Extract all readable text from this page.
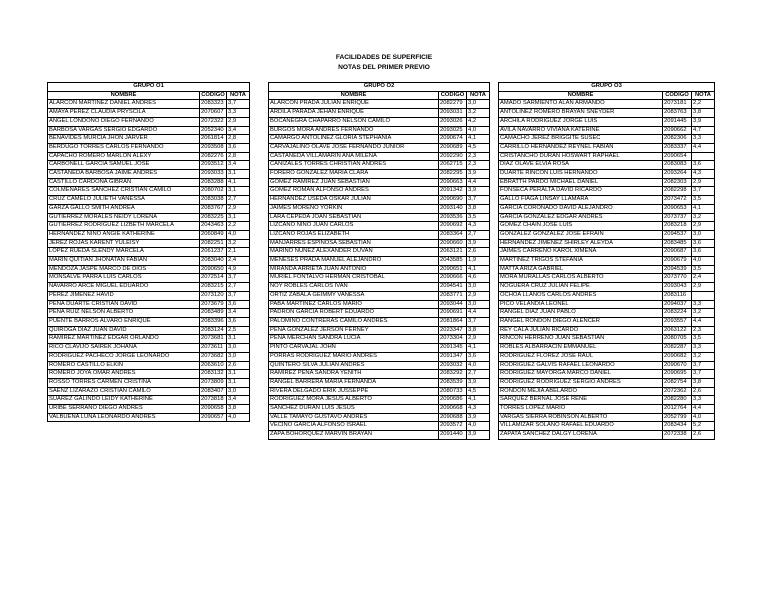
FACILIDADES DE SUPERFICIE
NOTAS DEL PRIMER PREVIO
GRUPO O1		
NOMBRE	CODIGO	NOTA
ALARCON MARTINEZ DANIEL ANDRES	2083323	3,7
AMAYA PEREZ CLAUDIA PRYSCILA	2070607	3,3
ANGEL LONDOÑO DIEGO FERNANDO	2072322	2,9
BARBOSA VARGAS SERGIO EDGARDO	2052340	3,4
BENAVIDES MURCIA JHON JARVER	2061814	2,8
BERDUGO TORRES CARLOS FERNANDO	2093508	3,6
CAPACHO ROMERO MARLON ALEXY	2082276	2,8
CARBONELL GARCIA SAMUEL JOSE	2093512	3,4
CASTANEDA BARBOSA JAIME ANDRES	2093033	3,1
CASTILLO CARDONA GIBRAN	2083288	4,1
COLMENARES SANCHEZ CRISTIAN CAMILO	2080702	3,1
CRUZ CAMELO JULIETH VANESSA	2083038	2,7
GARZA GALLO SMITH ANDREA	2083767	2,9
GUTIERREZ MORALES NEIDY LORENA	2083225	3,1
GUTIERREZ RODRIGUEZ LIZBETH MARCELA	2043463	2,2
HERNANDEZ NIÑO ANGIE KATHERINE	2060849	4,0
JEREZ ROJAS KARENT YULEISY	2082251	3,2
LOPEZ RUEDA SLENDY MARCELA	2061237	2,1
MARIN QUITIAN JHONATAN FABIAN	2083040	2,4
MENDOZA JASPE MARCO DE DIOS	2090650	4,9
MONSALVE PARRA LUIS CARLOS	2072514	3,7
NAVARRO ARCE MIGUEL EDUARDO	2083215	2,7
PEREZ JIMENEZ HAVID	2073120	3,7
PEÑA DUARTE CRISTIAN DAVID	2073679	3,6
PEÑA RUIZ NELSON ALBERTO	2083489	3,4
PUENTE BARROS ALVARO ENRIQUE	2083396	3,6
QUIROGA DIAZ JUAN DAVID	2083124	2,5
RAMIREZ MARTINEZ EDGAR ORLANDO	2073681	3,1
RICO CLAVIJO SAIREK JOHANA	2073611	3,0
RODRIGUEZ PACHECO JORGE LEONARDO	2073682	3,0
ROMERO CASTILLO ELKIN	2063610	2,6
ROMERO JOYA OMAR ANDRES	2083132	3,1
ROSSO TORRES CARMEN CRISTINA	2073809	3,1
SAENZ LIZARAZO CRISTIAN CAMILO	2083407	3,0
SUAREZ GALINDO LEIDY KATHERINE	2073818	3,4
URIBE SERRANO DIEGO ANDRES	2090658	3,8
VALBUENA LUNA LEONARDO ANDRES	2090657	4,0
GRUPO O2		
NOMBRE	CODIGO	NOTA
ALARCON PRADA JULIAN ENRIQUE	2082279	3,0
ARDILA PARADA JEHAN ENRIQUE	2093031	3,2
BOCANEGRA CHAPARRO NELSON CAMILO	2093026	4,2
BURGOS MORA ANDRES FERNANDO	2093025	4,0
CAMARGO ANTOLINEZ GLORIA STEPHANIA	2090674	4,1
CARVAJALINO OLAVE JOSE FERNANDO JUNIOR	2090689	4,5
CASTAÑEDA VILLAMARIN ANA MILENA	2092290	2,3
CAÑIZALES TORRES CHRISTIAN ANDRES	2062715	2,3
FORERO GONZALEZ MARIA CLARA	2082295	3,9
GOMEZ RAMIREZ JUAN SEBASTIAN	2090663	4,4
GOMEZ ROMAN ALFONSO ANDRES	2091342	3,9
HERNANDEZ USEDA OSKAR JULIAN	2090690	3,7
JAIMES MORENO YORKIN	2093140	3,8
LARA CEPEDA JOAN SEBASTIAN	2093536	3,5
LIZCANO NIÑO JUAN CARLOS	2090692	4,3
LIZCANO ROJAS ELIZABETH	2083364	2,7
MANJARRES ESPINOSA SEBASTIAN	2090660	3,9
MARIÑO NUÑEZ ALEXANDER DUVAN	2063121	2,6
MENESES PRADA MANUEL ALEJANDRO	2043585	1,9
MIRANDA ARRIETA JUAN ANTONIO	2090651	4,1
MURIEL FONTALVO HERMAN CRISTOBAL	2090666	4,6
NOY ROBLES CARLOS IVAN	2094541	3,0
ORTIZ ZABALA GEIMMY VANESSA	2083771	2,9
PABA MARTINEZ CARLOS MARIO	2093044	3,0
PADRON GARCIA ROBERT EDUARDO	2090691	4,4
PALOMINO CONTRERAS CAMILO ANDRES	2081864	3,7
PEÑA GONZALEZ JERSON FERNEY	2023347	3,8
PEÑA MERCHAN SANDRA LUCIA	2073304	2,9
PINTO CARVAJAL JOHN	2091345	4,1
PORRAS RODRIGUEZ MARIO ANDRES	2091347	3,6
QUINTERO SILVA JULIAN ANDRES	2093032	4,0
RAMIREZ PEÑA SANDRA YENITH	2083292	2,7
RANGEL BARRERA MARIA FERNANDA	2083539	3,9
RIVERA DELGADO ERIK JUSSEPPE	2080733	4,5
RODRIGUEZ MORA JESUS ALBERTO	2090686	4,1
SANCHEZ DURAN LUIS JESUS	2090668	4,3
VALLE TAMAYO GUSTAVO ANDRES	2090688	3,9
VECINO GARCIA ALFONSO ISRAEL	2093572	4,0
ZAPA BOHORQUEZ MARVIN BRAYAN	2091440	3,9
GRUPO O3		
NOMBRE	CODIGO	NOTA
AMADO SARMIENTO ALAN ARMANDO	2073181	2,2
ANTOLINEZ ROMERO BRAYAN SNEYDER	2083763	3,8
ARCHILA RODRIGUEZ JORGE LUIS	2091445	3,9
AVILA NAVARRO VIVIANA KATERINE	2090662	4,7
CAMACHO JEREZ BRIGGITE SUSEC	2082306	3,3
CARRILLO HERNANDEZ REYNEL FABIAN	2083337	4,4
CRISTANCHO DURAN HOSWART RAPHAEL	2090654	
DIAZ OLAVE ELVIA ROSA	2083083	3,6
DUARTE RINCON LUIS HERNANDO	2093264	4,3
EBRATTH PARDO MICHAEL DANIEL	2082303	2,9
FONSECA PERALTA DAVID RICARDO	2082298	3,7
GALLO FIAGA LINSAY LLAMARA	2073472	3,5
GARCIA CORONADO DAVID ALEJANDRO	2090653	4,1
GARCIA GONZALEZ EDGAR ANDRES	2073737	3,2
GOMEZ CHAIN JOSE LUIS	2083218	2,9
GONZALEZ GONZALEZ JOSE EFRAIN	2094537	3,0
HERNANDEZ JIMENEZ SHIRLEY ALEYDA	2083485	3,6
JAIMES CARREÑO KAROL XIMENA	2090687	3,6
MARTINEZ TRIGOS STEFANIA	2090679	4,0
MATTA ARIZA GABRIEL	2094539	3,5
MORA MURALLAS CARLOS ALBERTO	2073770	2,4
NOGUERA CRUZ JULIAN FELIPE	2093043	2,9
OCHOA LLANOS CARLOS ANDRES	2083116	
PICO VELANDIA LEONEL	2094037	3,3
RANGEL DIAZ JUAN PABLO	2083224	3,2
RANGEL RONDON DIEGO ALENCER	2093557	4,4
REY CALA JULIAN RICARDO	2063122	2,3
RINCON HERREÑO JUAN SEBASTIAN	2080705	3,5
ROBLES ALBARRACIN EMMANUEL	2082287	3,3
RODRIGUEZ FLOREZ JOSE RAUL	2090682	3,2
RODRIGUEZ GALVIS RAFAEL LEONARDO	2090670	3,7
RODRIGUEZ MAYORGA MARCO DANIEL	2090695	3,7
RODRIGUEZ RODRIGUEZ SERGIO ANDRES	2082754	3,8
RONDON MEJIA ABELARDO	2072362	2,6
SARQUEZ BERNAL JOSE RENE	2082280	3,3
TORRES LOPEZ MARIO	2012764	4,4
VARGAS SIERRA ROBINSON ALBERTO	2052799	4,0
VILLAMIZAR SOLANO RAFAEL EDUARDO	2083434	5,2
ZAPATA SANCHEZ DALGY LORENA	2072338	2,6
